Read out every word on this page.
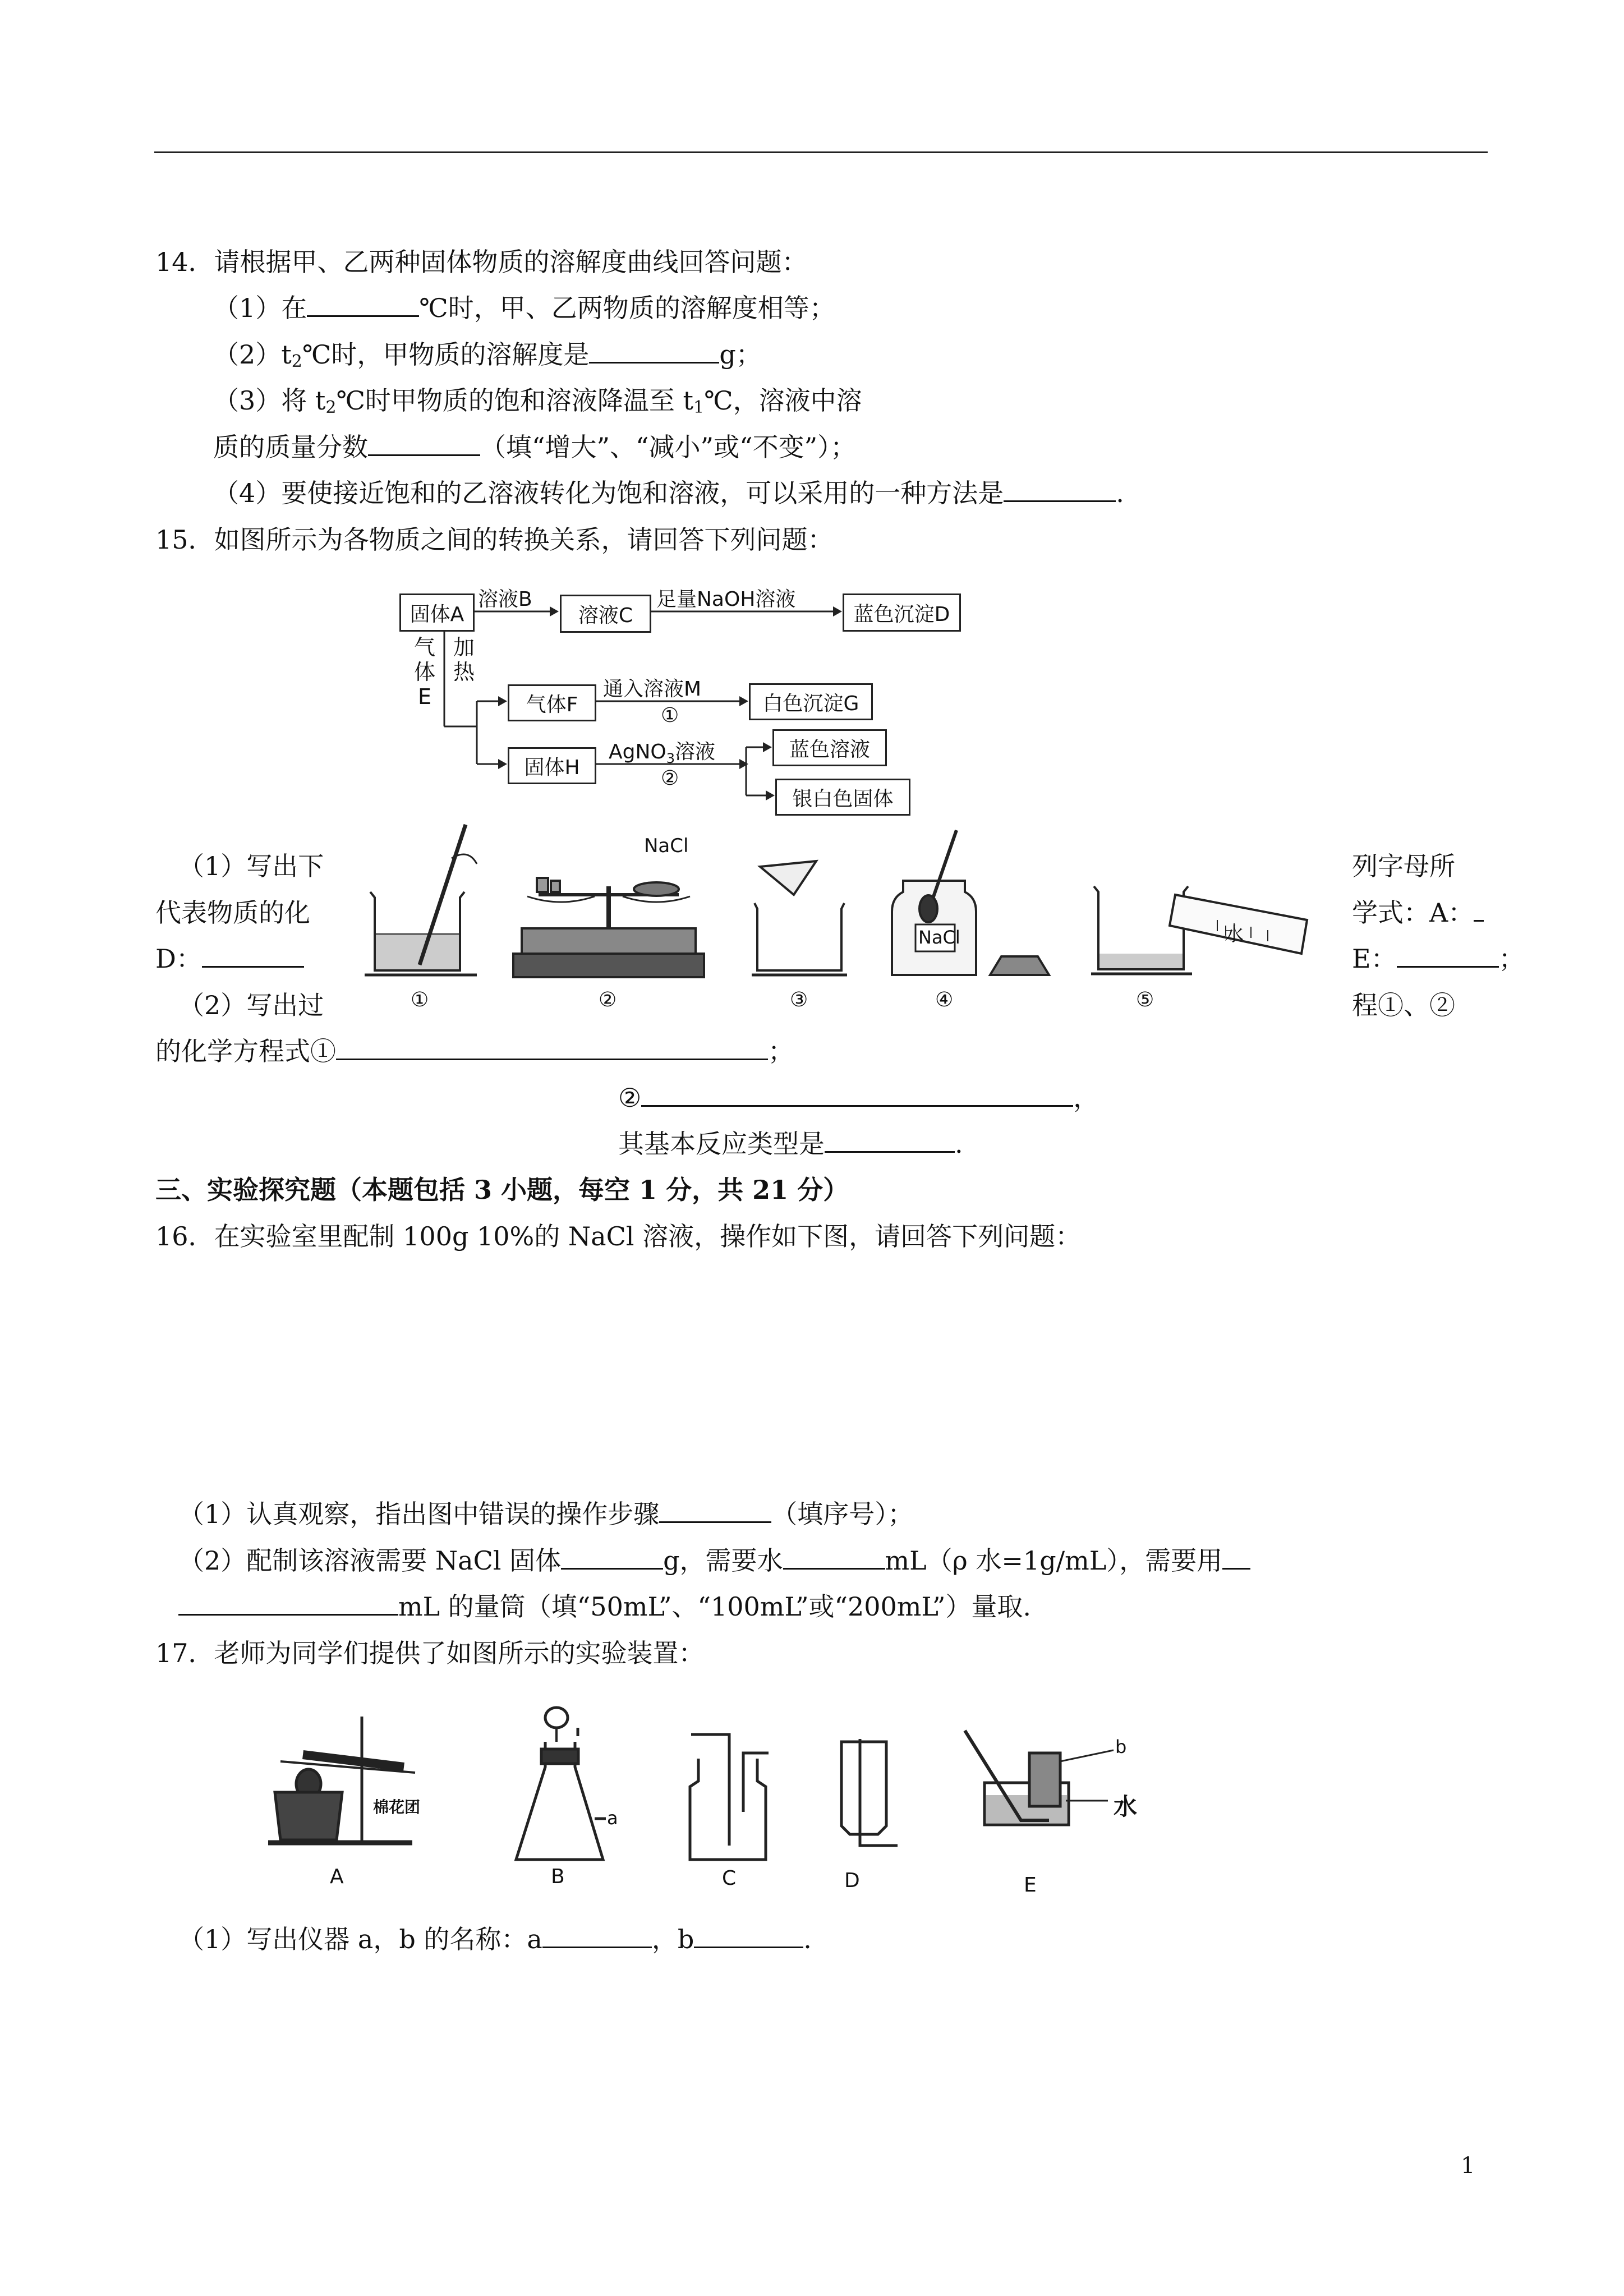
14．请根据甲、乙两种固体物质的溶解度曲线回答问题：
（1）在	℃时，甲、乙两物质的溶解度相等；
$(2)t_2℃$时，甲物质的溶解度是	g；
（3）将 $t_2℃$时甲物质的饱和溶液降温至 $t_1℃$，溶液中溶
质的质量分数	（填“增大”、“减小”或“不变”）；
（4）要使接近饱和的乙溶液转化为饱和溶液，可以采用的一种方法是	.
15．如图所示为各物质之间的转换关系，请回答下列问题：
固体A
溶液B
溶液C
足量NaOH溶液
蓝色沉淀D
气
体
E
加
热
气体F
通入溶液M
①
白色沉淀G
固体H
AgNO$_3$溶液
②
蓝色溶液
银白色固体
（1）写出下	列字母所
代表物质的化	学式：A：
D：	E：	；
（2）写出过	程①、②
的化学方程式①	；
②	，
其基本反应类型是	.
NaCl
NaCl	水
①	②	③	④	⑤
三、实验探究题（本题包括 3 小题，每空 1 分，共 21 分）
16．在实验室里配制 100g 10%的 NaCl 溶液，操作如下图，请回答下列问题：
（1）认真观察，指出图中错误的操作步骤	（填序号）；
（2）配制该溶液需要 NaCl 固体	g，需要水	mL（ρ 水=1g/mL），需要用
mL 的量筒（填“50mL”、“100mL”或“200mL”）量取.
17．老师为同学们提供了如图所示的实验装置：
棉花团
a
b
水
A	B	C	D	E
（1）写出仪器 a，b 的名称：a	，b	.
1
